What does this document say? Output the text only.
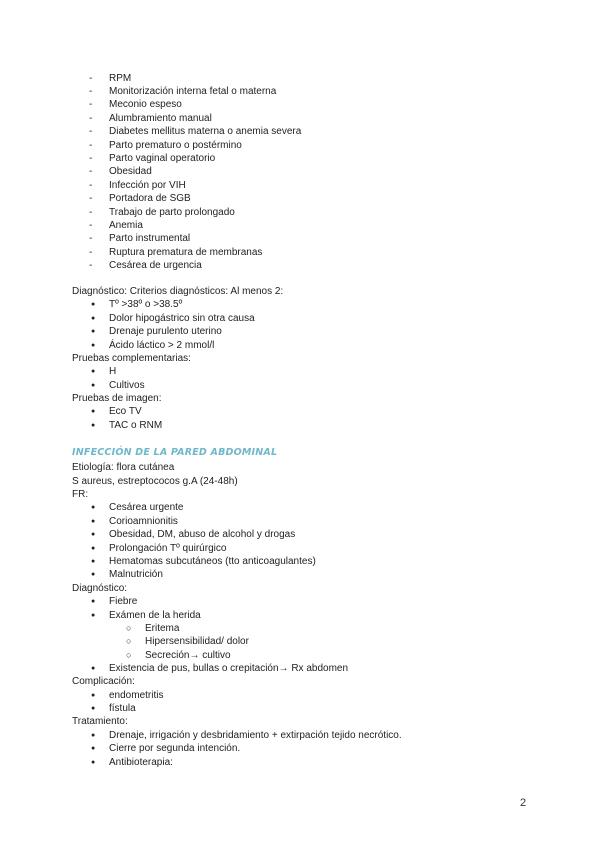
- RPM
- Monitorización interna fetal o materna
- Meconio espeso
- Alumbramiento manual
- Diabetes mellitus materna o anemia severa
- Parto prematuro o postérmino
- Parto vaginal operatorio
- Obesidad
- Infección por VIH
- Portadora de SGB
- Trabajo de parto prolongado
- Anemia
- Parto instrumental
- Ruptura prematura de membranas
- Cesárea de urgencia
Diagnóstico: Criterios diagnósticos: Al menos 2:
● Tº >38º o >38.5º
● Dolor hipogástrico sin otra causa
● Drenaje purulento uterino
● Ácido láctico > 2 mmol/l
Pruebas complementarias:
● H
● Cultivos
Pruebas de imagen:
● Eco TV
● TAC o RNM
INFECCIÓN DE LA PARED ABDOMINAL
Etiología: flora cutánea
S aureus, estreptococos g.A (24-48h)
FR:
● Cesárea urgente
● Corioamnionitis
● Obesidad, DM, abuso de alcohol y drogas
● Prolongación Tº quirúrgico
● Hematomas subcutáneos (tto anticoagulantes)
● Malnutrición
Diagnóstico:
● Fiebre
● Exámen de la herida
○ Eritema
○ Hipersensibilidad/ dolor
○ Secreción→ cultivo
● Existencia de pus, bullas o crepitación→ Rx abdomen
Complicación:
● endometritis
● fístula
Tratamiento:
● Drenaje, irrigación y desbridamiento + extirpación tejido necrótico.
● Cierre por segunda intención.
● Antibioterapia:
2
